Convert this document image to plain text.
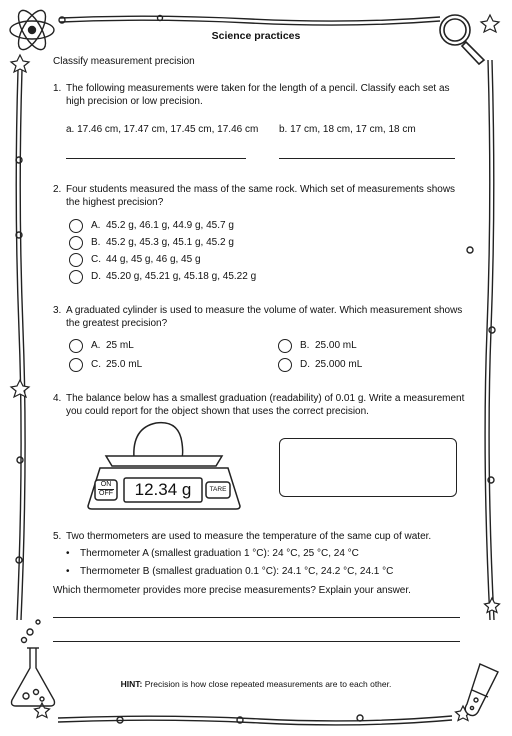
Science practices
Classify measurement precision
1. The following measurements were taken for the length of a pencil. Classify each set as
high precision or low precision.
a. 17.46 cm, 17.47 cm, 17.45 cm, 17.46 cm b. 17 cm, 18 cm, 17 cm, 18 cm
2. Four students measured the mass of the same rock. Which set of measurements shows
the highest precision?
A. 45.2 g, 46.1 g, 44.9 g, 45.7 g
B. 45.2 g, 45.3 g, 45.1 g, 45.2 g
C. 44 g, 45 g, 46 g, 45 g
D. 45.20 g, 45.21 g, 45.18 g, 45.22 g
3. A graduated cylinder is used to measure the volume of water. Which measurement shows
the greatest precision?
A. 25 mL	B. 25.00 mL
C. 25.0 mL	D. 25.000 mL
4. The balance below has a smallest graduation (readability) of 0.01 g. Write a measurement
you could report for the object shown that uses the correct precision.
ON
OFF	12.34 g	TARE
5. Two thermometers are used to measure the temperature of the same cup of water.
• Thermometer A (smallest graduation 1 °C): 24 °C, 25 °C, 24 °C
• Thermometer B (smallest graduation 0.1 °C): 24.1 °C, 24.2 °C, 24.1 °C
Which thermometer provides more precise measurements? Explain your answer.
HINT: Precision is how close repeated measurements are to each other.
